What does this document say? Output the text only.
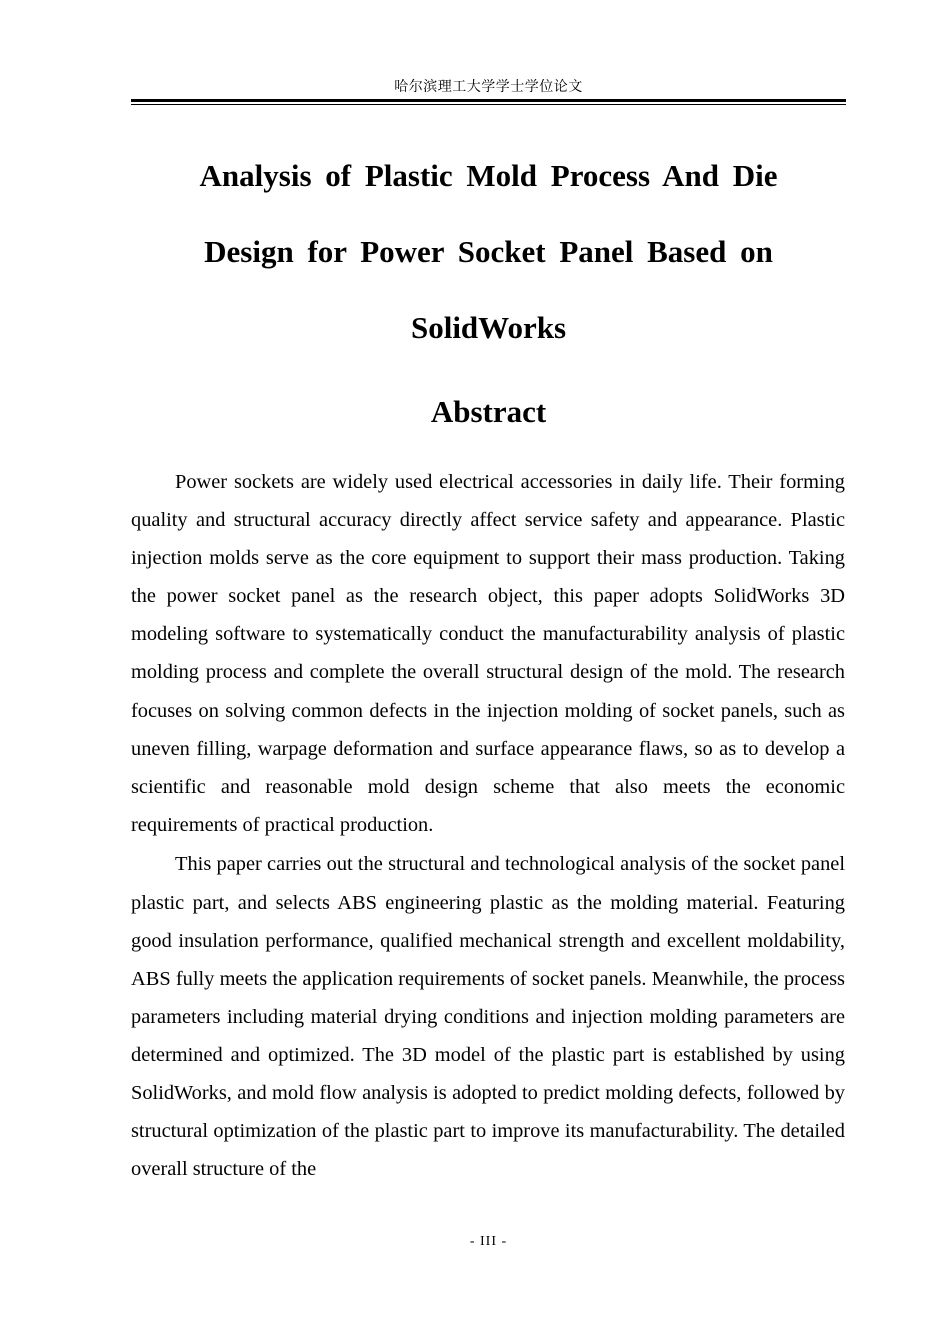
哈尔滨理工大学学士学位论文
Analysis of Plastic Mold Process And Die Design for Power Socket Panel Based on SolidWorks
Abstract

Power sockets are widely used electrical accessories in daily life. Their forming quality and structural accuracy directly affect service safety and appearance. Plastic injection molds serve as the core equipment to support their mass production. Taking the power socket panel as the research object, this paper adopts SolidWorks 3D modeling software to systematically conduct the manufacturability analysis of plastic molding process and complete the overall structural design of the mold. The research focuses on solving common defects in the injection molding of socket panels, such as uneven filling, warpage deformation and surface appearance flaws, so as to develop a scientific and reasonable mold design scheme that also meets the economic requirements of practical production.

This paper carries out the structural and technological analysis of the socket panel plastic part, and selects ABS engineering plastic as the molding material. Featuring good insulation performance, qualified mechanical strength and excellent moldability, ABS fully meets the application requirements of socket panels. Meanwhile, the process parameters including material drying conditions and injection molding parameters are determined and optimized. The 3D model of the plastic part is established by using SolidWorks, and mold flow analysis is adopted to predict molding defects, followed by structural optimization of the plastic part to improve its manufacturability. The detailed overall structure of the

- III -
